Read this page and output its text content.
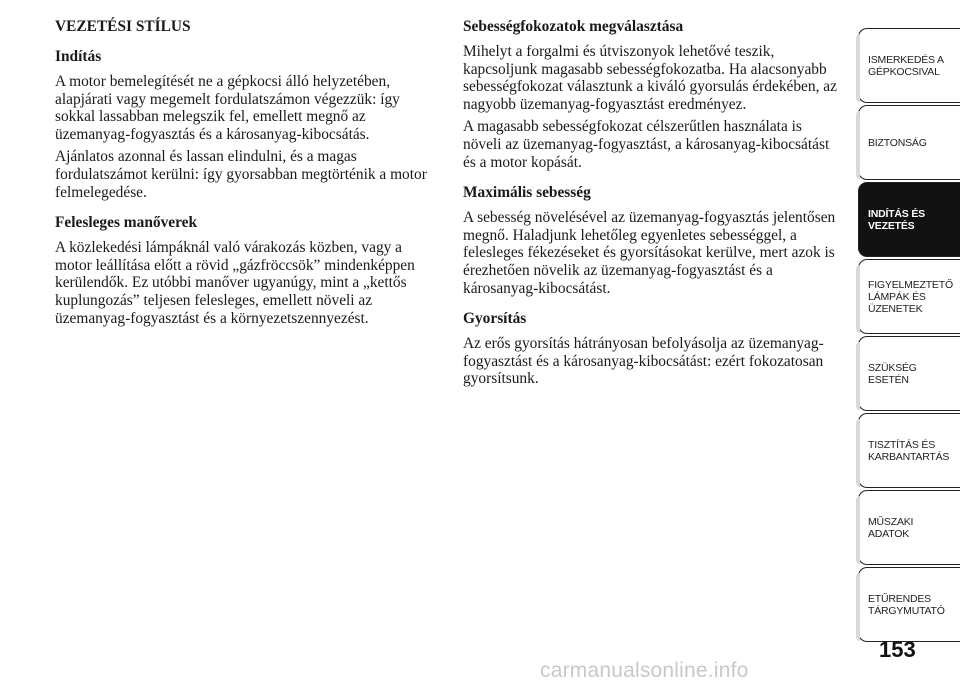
VEZETÉSI STÍLUS
Indítás

A motor bemelegítését ne a gépkocsi álló helyzetében, alapjárati vagy megemelt fordulatszámon végezzük: így sokkal lassabban melegszik fel, emellett megnő az üzemanyag-fogyasztás és a károsanyag-kibocsátás.

Ajánlatos azonnal és lassan elindulni, és a magas fordulatszámot kerülni: így gyorsabban megtörténik a motor felmelegedése.

Felesleges manőverek

A közlekedési lámpáknál való várakozás közben, vagy a motor leállítása előtt a rövid „gázfröccsök” mindenképpen kerülendők. Ez utóbbi manőver ugyanúgy, mint a „kettős kuplungozás” teljesen felesleges, emellett növeli az üzemanyag-fogyasztást és a környezetszennyezést.

Sebességfokozatok megválasztása

Mihelyt a forgalmi és útviszonyok lehetővé teszik, kapcsoljunk magasabb sebességfokozatba. Ha alacsonyabb sebességfokozat választunk a kiváló gyorsulás érdekében, az nagyobb üzemanyag-fogyasztást eredményez.

A magasabb sebességfokozat célszerűtlen használata is növeli az üzemanyag-fogyasztást, a károsanyag-kibocsátást és a motor kopását.

Maximális sebesség

A sebesség növelésével az üzemanyag-fogyasztás jelentősen megnő. Haladjunk lehetőleg egyenletes sebességgel, a felesleges fékezéseket és gyorsításokat kerülve, mert azok is érezhetően növelik az üzemanyag-fogyasztást és a károsanyag-kibocsátást.

Gyorsítás

Az erős gyorsítás hátrányosan befolyásolja az üzemanyag-fogyasztást és a károsanyag-kibocsátást: ezért fokozatosan gyorsítsunk.

ISMERKEDÉS A
GÉPKOCSIVAL
BIZTONSÁG
INDÍTÁS ÉS
VEZETÉS
FIGYELMEZTETŐ
LÁMPÁK ÉS
ÜZENETEK
SZÜKSÉG ESETÉN
TISZTÍTÁS ÉS
KARBANTARTÁS
MŰSZAKI ADATOK
ETŰRENDES
TÁRGYMUTATÓ
153
carmanualsonline.info
